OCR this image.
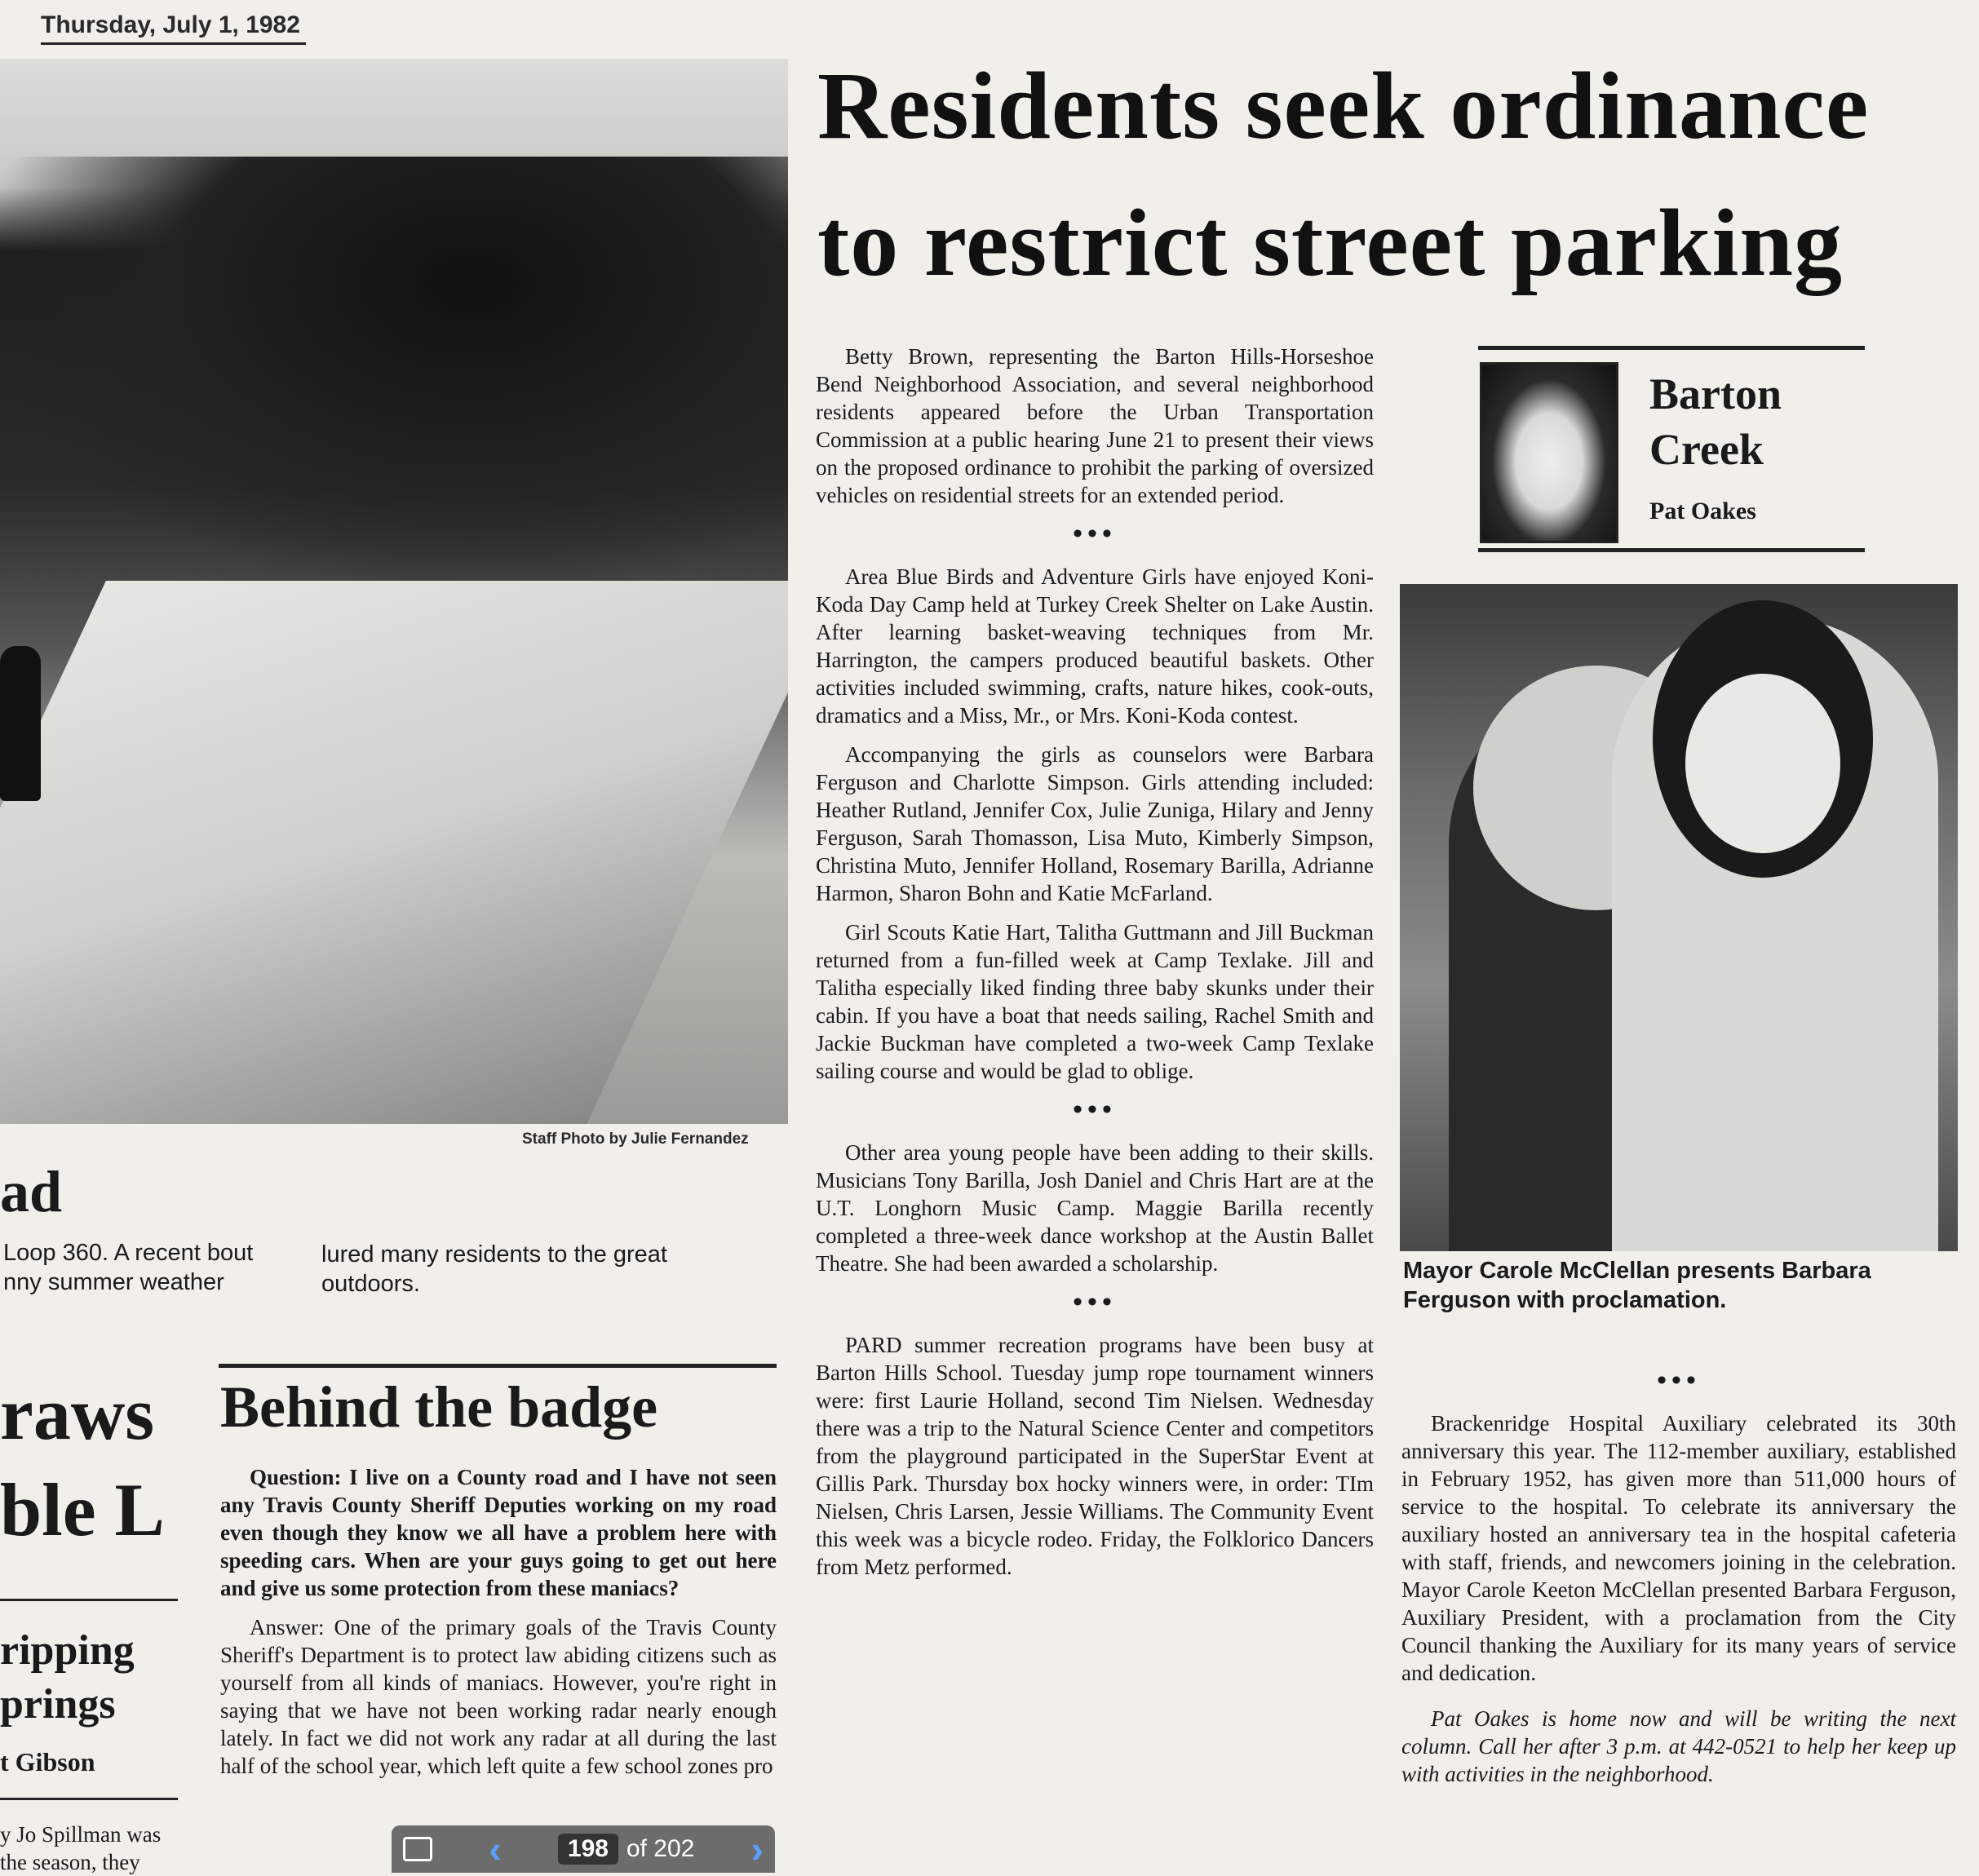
Thursday, July 1, 1982
Staff Photo by Julie Fernandez
ad
Loop 360. A recent bout
nny summer weather
lured many residents to the great
outdoors.
raws
ble L
ripping
prings
t Gibson
y Jo Spillman was
the season, they
Behind the badge

Question: I live on a County road and I have not seen any Travis County Sheriff Deputies working on my road even though they know we all have a problem here with speeding cars. When are your guys going to get out here and give us some protection from these maniacs?

Answer: One of the primary goals of the Travis County Sheriff's Department is to protect law abiding citizens such as yourself from all kinds of maniacs. However, you're right in saying that we have not been working radar nearly enough lately. In fact we did not work any radar at all during the last half of the school year, which left quite a few school zones pro

Residents seek ordinance
to restrict street parking

Betty Brown, representing the Barton Hills-Horseshoe Bend Neighborhood Association, and several neighborhood residents appeared before the Urban Transportation Commission at a public hearing June 21 to present their views on the proposed ordinance to prohibit the parking of oversized vehicles on residential streets for an extended period.

•••

Area Blue Birds and Adventure Girls have enjoyed Koni-Koda Day Camp held at Turkey Creek Shelter on Lake Austin. After learning basket-weaving techniques from Mr. Harrington, the campers produced beautiful baskets. Other activities included swimming, crafts, nature hikes, cook-outs, dramatics and a Miss, Mr., or Mrs. Koni-Koda contest.

Accompanying the girls as counselors were Barbara Ferguson and Charlotte Simpson. Girls attending included: Heather Rutland, Jennifer Cox, Julie Zuniga, Hilary and Jenny Ferguson, Sarah Thomasson, Lisa Muto, Kimberly Simpson, Christina Muto, Jennifer Holland, Rosemary Barilla, Adrianne Harmon, Sharon Bohn and Katie McFarland.

Girl Scouts Katie Hart, Talitha Guttmann and Jill Buckman returned from a fun-filled week at Camp Texlake. Jill and Talitha especially liked finding three baby skunks under their cabin. If you have a boat that needs sailing, Rachel Smith and Jackie Buckman have completed a two-week Camp Texlake sailing course and would be glad to oblige.

•••

Other area young people have been adding to their skills. Musicians Tony Barilla, Josh Daniel and Chris Hart are at the U.T. Longhorn Music Camp. Maggie Barilla recently completed a three-week dance workshop at the Austin Ballet Theatre. She had been awarded a scholarship.

•••

PARD summer recreation programs have been busy at Barton Hills School. Tuesday jump rope tournament winners were: first Laurie Holland, second Tim Nielsen. Wednesday there was a trip to the Natural Science Center and competitors from the playground participated in the SuperStar Event at Gillis Park. Thursday box hocky winners were, in order: TIm Nielsen, Chris Larsen, Jessie Williams. The Community Event this week was a bicycle rodeo. Friday, the Folklorico Dancers from Metz performed.

Barton
Creek
Pat Oakes
Mayor Carole McClellan presents Barbara Ferguson with proclamation.
•••

Brackenridge Hospital Auxiliary celebrated its 30th anniversary this year. The 112-member auxiliary, established in February 1952, has given more than 511,000 hours of service to the hospital. To celebrate its anniversary the auxiliary hosted an anniversary tea in the hospital cafeteria with staff, friends, and newcomers joining in the celebration. Mayor Carole Keeton McClellan presented Barbara Ferguson, Auxiliary President, with a proclamation from the City Council thanking the Auxiliary for its many years of service and dedication.

Pat Oakes is home now and will be writing the next column. Call her after 3 p.m. at 442-0521 to help her keep up with activities in the neighborhood.

‹	198 of 202 ›
